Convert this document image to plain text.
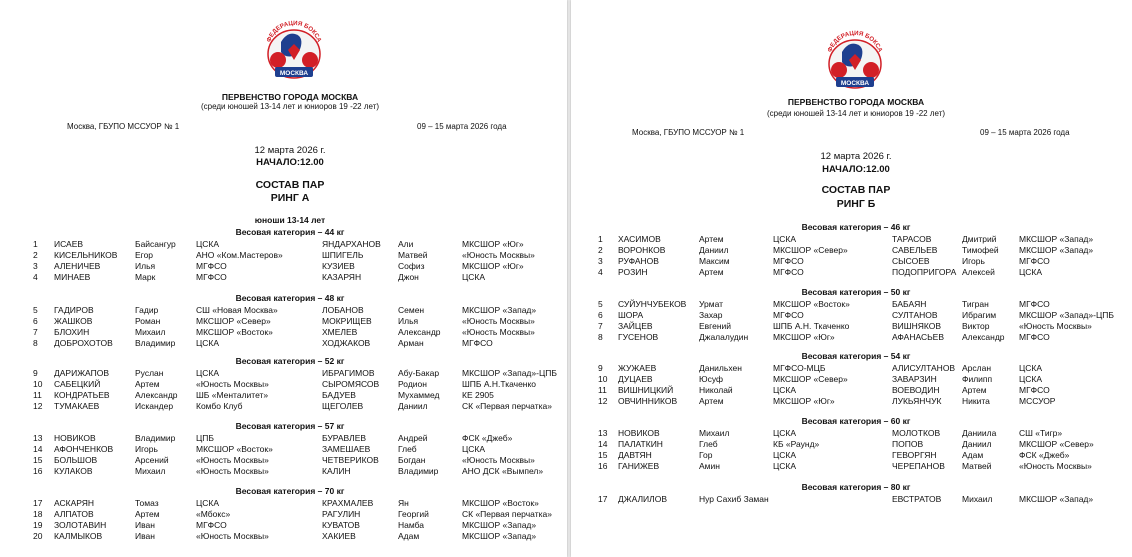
ФЕДЕРАЦИЯ БОКСА
МОСКВА
ПЕРВЕНСТВО ГОРОДА МОСКВА
(среди юношей 13-14 лет и юниоров 19 -22 лет)
Москва, ГБУПО МССУОР № 1	09 – 15 марта 2026 года
12 марта 2026 г.
НАЧАЛО:12.00
СОСТАВ ПАР
РИНГ А
юноши 13-14 лет
Весовая категория – 44 кг
1 ИСАЕВ	Байсангур ЦСКА	ЯНДАРХАНОВ Али	МКСШОР «Юг»
2 КИСЕЛЬНИКОВ Егор	АНО «Ком.Мастеров»	ШПИГЕЛЬ	Матвей	«Юность Москвы»
3 АЛЕНИЧЕВ	Илья	МГФСО	КУЗИЕВ	Софиз	МКСШОР «Юг»
4 МИНАЕВ	Марк	МГФСО	КАЗАРЯН	Джон	ЦСКА
Весовая категория – 48 кг
5 ГАДИРОВ	Гадир	СШ «Новая Москва»	ЛОБАНОВ	Семен	МКСШОР «Запад»
6 ЖАШКОВ	Роман	МКСШОР «Север»	МОКРИЩЕВ	Илья	«Юность Москвы»
7 БЛОХИН	Михаил	МКСШОР «Восток»	ХМЕЛЕВ	Александр	«Юность Москвы»
8 ДОБРОХОТОВ	Владимир ЦСКА	ХОДЖАКОВ	Арман	МГФСО
Весовая категория – 52 кг
9 ДАРИЖАПОВ	Руслан	ЦСКА	ИБРАГИМОВ	Абу-Бакар	МКСШОР «Запад»-ЦПБ
10 САБЕЦКИЙ	Артем	«Юность Москвы»	СЫРОМЯСОВ Родион	ШПБ А.Н.Ткаченко
11 КОНДРАТЬЕВ	Александр ШБ «Менталитет»	БАДУЕВ	Мухаммед	КЕ 2905
12 ТУМАКАЕВ	Искандер	Комбо Клуб	ЩЕГОЛЕВ	Даниил	СК «Первая перчатка»
Весовая категория – 57 кг
13 НОВИКОВ	Владимир ЦПБ	БУРАВЛЕВ	Андрей	ФСК «Джеб»
14 АФОНЧЕНКОВ	Игорь	МКСШОР «Восток»	ЗАМЕШАЕВ	Глеб	ЦСКА
15 БОЛЬШОВ	Арсений	«Юность Москвы»	ЧЕТВЕРИКОВ Богдан	«Юность Москвы»
16 КУЛАКОВ	Михаил	«Юность Москвы»	КАЛИН	Владимир	АНО ДСК «Вымпел»
Весовая категория – 70 кг
17 АСКАРЯН	Томаз	ЦСКА	КРАХМАЛЕВ	Ян	МКСШОР «Восток»
18 АЛПАТОВ	Артем	«Мбокс»	РАГУЛИН	Георгий	СК «Первая перчатка»
19 ЗОЛОТАВИН	Иван	МГФСО	КУВАТОВ	Намба	МКСШОР «Запад»
20 КАЛМЫКОВ	Иван	«Юность Москвы»	ХАКИЕВ	Адам	МКСШОР «Запад»
ФЕДЕРАЦИЯ БОКСА
МОСКВА
ПЕРВЕНСТВО ГОРОДА МОСКВА
(среди юношей 13-14 лет и юниоров 19 -22 лет)
Москва, ГБУПО МССУОР № 1	09 – 15 марта 2026 года
12 марта 2026 г.
НАЧАЛО:12.00
СОСТАВ ПАР
РИНГ Б
Весовая категория – 46 кг
1 ХАСИМОВ	Артем	ЦСКА	ТАРАСОВ	Дмитрий	МКСШОР «Запад»
2 ВОРОНКОВ	Даниил	МКСШОР «Север»	САВЕЛЬЕВ	Тимофей МКСШОР «Запад»
3 РУФАНОВ	Максим	МГФСО	СЫСОЕВ	Игорь	МГФСО
4 РОЗИН	Артем	МГФСО	ПОДОПРИГОРА Алексей	ЦСКА
Весовая категория – 50 кг
5 СУЙУНЧУБЕКОВ Урмат	МКСШОР «Восток»	БАБАЯН	Тигран	МГФСО
6 ШОРА	Захар	МГФСО	СУЛТАНОВ	Ибрагим	МКСШОР «Запад»-ЦПБ
7 ЗАЙЦЕВ	Евгений	ШПБ А.Н. Ткаченко	ВИШНЯКОВ Виктор	«Юность Москвы»
8 ГУСЕНОВ	Джалалудин	МКСШОР «Юг»	АФАНАСЬЕВ Александр МГФСО
Весовая категория – 54 кг
9 ЖУЖАЕВ	Данильхен	МГФСО-МЦБ	АЛИСУЛТАНОВ Арслан	ЦСКА
10 ДУЦАЕВ	Юсуф	МКСШОР «Север»	ЗАВАРЗИН	Филипп	ЦСКА
11 ВИШНИЦКИЙ	Николай	ЦСКА	ВОЕВОДИН	Артем	МГФСО
12 ОВЧИННИКОВ	Артем	МКСШОР «Юг»	ЛУКЬЯНЧУК Никита	МССУОР
Весовая категория – 60 кг
13 НОВИКОВ	Михаил	ЦСКА	МОЛОТКОВ	Даниила	СШ «Тигр»
14 ПАЛАТКИН	Глеб	КБ «Раунд»	ПОПОВ	Даниил	МКСШОР «Север»
15 ДАВТЯН	Гор	ЦСКА	ГЕВОРГЯН	Адам	ФСК «Джеб»
16 ГАНИЖЕВ	Амин	ЦСКА	ЧЕРЕПАНОВ Матвей	«Юность Москвы»
Весовая категория – 80 кг
17 ДЖАЛИЛОВ	Нур Сахиб Заман	ЕВСТРАТОВ Михаил	МКСШОР «Запад»
